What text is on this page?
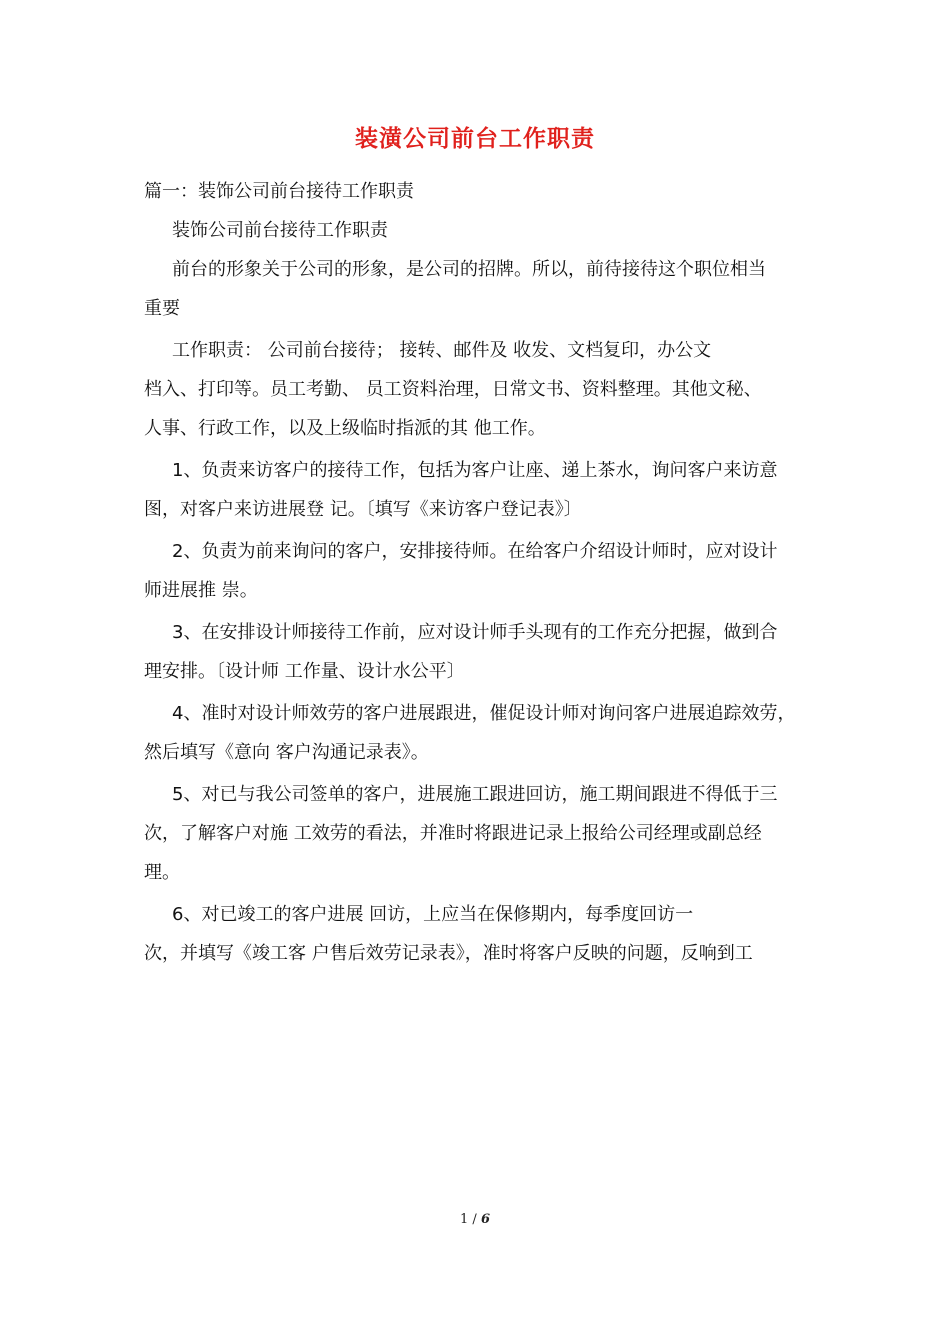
装潢公司前台工作职责
篇一：装饰公司前台接待工作职责
装饰公司前台接待工作职责
前台的形象关于公司的形象，是公司的招牌。所以，前待接待这个职位相当
重要
工作职责： 公司前台接待； 接转、邮件及 收发、文档复印，办公文
档入、打印等。员工考勤、 员工资料治理，日常文书、资料整理。其他文秘、
人事、行政工作，以及上级临时指派的其 他工作。
1、负责来访客户的接待工作，包括为客户让座、递上茶水，询问客户来访意
图，对客户来访进展登 记。〔填写《来访客户登记表》〕
2、负责为前来询问的客户，安排接待师。在给客户介绍设计师时，应对设计
师进展推 崇。
3、在安排设计师接待工作前，应对设计师手头现有的工作充分把握，做到合
理安排。〔设计师 工作量、设计水公平〕
4、准时对设计师效劳的客户进展跟进，催促设计师对询问客户进展追踪效劳，
然后填写《意向 客户沟通记录表》。
5、对已与我公司签单的客户，进展施工跟进回访，施工期间跟进不得低于三
次，了解客户对施 工效劳的看法，并准时将跟进记录上报给公司经理或副总经
理。
6、对已竣工的客户进展 回访，上应当在保修期内，每季度回访一
次，并填写《竣工客 户售后效劳记录表》，准时将客户反映的问题，反响到工
1 / 6
